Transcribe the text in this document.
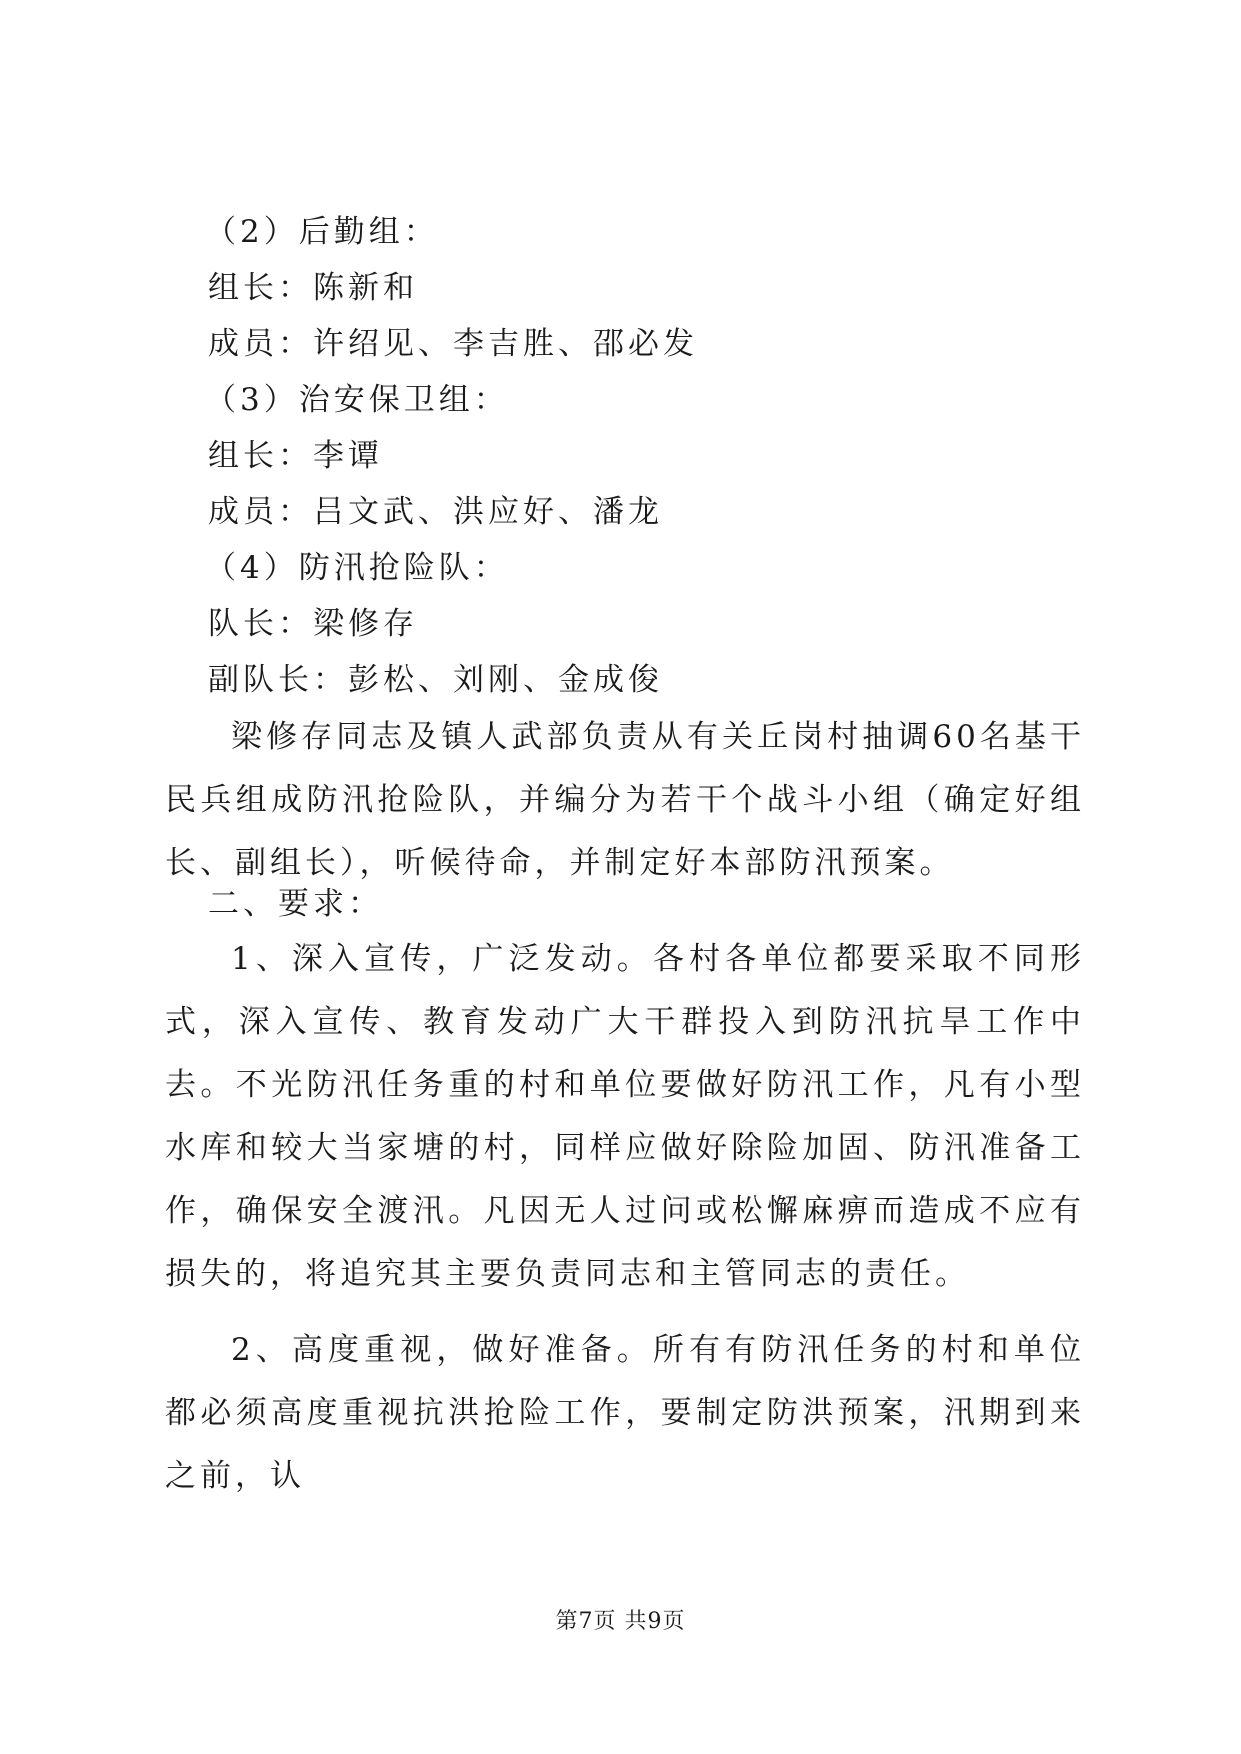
（2）后勤组：
组长：陈新和
成员：许绍见、李吉胜、邵必发
（3）治安保卫组：
组长：李谭
成员：吕文武、洪应好、潘龙
（4）防汛抢险队：
队长：梁修存
副队长：彭松、刘刚、金成俊
梁修存同志及镇人武部负责从有关丘岗村抽调60名基干民兵组成防汛抢险队，并编分为若干个战斗小组（确定好组长、副组长），听候待命，并制定好本部防汛预案。
二、要求：
1、深入宣传，广泛发动。各村各单位都要采取不同形式，深入宣传、教育发动广大干群投入到防汛抗旱工作中去。不光防汛任务重的村和单位要做好防汛工作，凡有小型水库和较大当家塘的村，同样应做好除险加固、防汛准备工作，确保安全渡汛。凡因无人过问或松懈麻痹而造成不应有损失的，将追究其主要负责同志和主管同志的责任。
2、高度重视，做好准备。所有有防汛任务的村和单位都必须高度重视抗洪抢险工作，要制定防洪预案，汛期到来之前，认
第7页 共9页
